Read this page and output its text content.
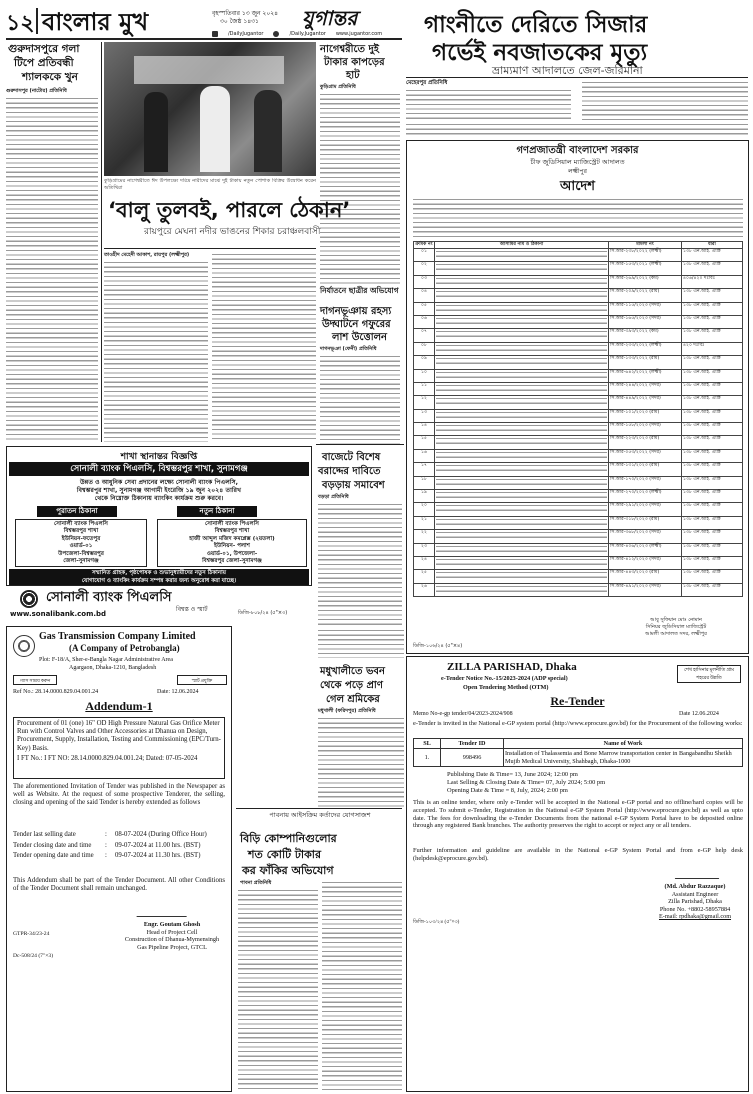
১২ বাংলার মুখ	বৃহস্পতিবার ১৩ জুন ২০২৪
৩০ জৈষ্ঠ ১৪৩১ যুগান্তর
/DailyJugantor	/Daily.Jugantor www.jugantor.com গাংনীতে দেরিতে সিজার
গর্ভেই নবজাতকের মৃত্যু
ভ্রাম্যমাণ আদালতে জেল-জরিমানা
মেহেরপুর প্রতিনিধি
গুরুদাসপুরে গলা
টিপে প্রতিবন্ধী
শ্যালককে খুন
গুরুদাসপুর (নাটোর) প্রতিনিধি
কুড়িগ্রামের নাগেশ্বরীতে ঈদ উপলক্ষ্যে দরিদ্র নারীদের মাঝে দুই টাকায় নতুন পোশাক বিক্রির উদ্বোধন করেন অতিথিরা
নাগেশ্বরীতে দুই
টাকার কাপড়ের
হাট
কুড়িগ্রাম প্রতিনিধি
‘বালু তুলবই, পারলে ঠেকান’
রায়পুরে মেঘনা নদীর ভাঙনের শিকার চরাঞ্চলবাসী
তাওহীদ মেহেদী আকাশ, রায়পুর (লক্ষ্মীপুর)
নির্যাতনে ছাত্রীর অভিযোগ
দাগনভূঞায় রহস্য
উদ্ঘাটনে গফুরের
লাশ উত্তোলন
দাগনভূঞা (ফেনী) প্রতিনিধি
গণপ্রজাতন্ত্রী বাংলাদেশ সরকার
চীফ জুডিসিয়াল ম্যাজিস্ট্রেট আদালত
লক্ষ্মীপুর
আদেশ
ক্রমিক নং	আসামির নাম ও ঠিকানা	মামলা নং	ধারা
০১		সি.আর-২৩৮/২০২২ (লক্ষ্মী)	১৩৮ এন.আই. এ্যাক্ট
০২		সি.আর-১৫৩/২০২১ (লক্ষ্মী)	১৩৮ এন.আই. এ্যাক্ট
০৩		সি.আর-২৬৯/২০২২ (কম)	৪০৬/৪২০ দঃবিঃ
০৪		সি.আর-২০৯/২০২২ (রায়)	১৩৮ এন.আই. এ্যাক্ট
০৫		সি.আর-১১৫/২০২৩ (সদর)	১৩৮ এন.আই. এ্যাক্ট
০৬		সি.আর-১৬৫/২০২৩ (সদর)	১৩৮ এন.আই. এ্যাক্ট
০৭		সি.আর-৩৯৩/২০২২ (কম)	১৩৮ এন.আই. এ্যাক্ট
০৮		সি.আর-২৩৩/২০২২ (লক্ষ্মী)	৪২০ দঃবিঃ
০৯		সি.আর-১৩৩/২০২২ (রাম)	১৩৮ এন.আই. এ্যাক্ট
১০		সি.আর-৬৪২/২০২২ (লক্ষ্মী)	১৩৮ এন.আই. এ্যাক্ট
১১		সি.আর-২৪৪/২০২২ (সদর)	১৩৮ এন.আই. এ্যাক্ট
১২		সি.আর-৪৪৯/২০২২ (সদর)	১৩৮ এন.আই. এ্যাক্ট
১৩		সি.আর-১০১/২০২৩ (রাম)	১৩৮ এন.আই. এ্যাক্ট
১৪		সি.আর-১৫৮/২০২৩ (সদর)	১৩৮ এন.আই. এ্যাক্ট
১৫		সি.আর-২২৩/২০২৩ (রাম)	১৩৮ এন.আই. এ্যাক্ট
১৬		সি.আর-০৫৩/২০২২ (সদর)	১৩৮ এন.আই. এ্যাক্ট
১৭		সি.আর-১৩১/২০২৩ (রাম)	১৩৮ এন.আই. এ্যাক্ট
১৮		সি.আর-১৭০/২০২৩ (সদর)	১৩৮ এন.আই. এ্যাক্ট
১৯		সি.আর-২৭০/২০২৩ (লক্ষ্মী)	১৩৮ এন.আই. এ্যাক্ট
২০		সি.আর-২৯১/২০২৩ (সদর)	১৩৮ এন.আই. এ্যাক্ট
২১		সি.আর-৩১৮/২০২৩ (রাম)	১৩৮ এন.আই. এ্যাক্ট
২২		সি.আর-৩৬৮/২০২৩ (সদর)	১৩৮ এন.আই. এ্যাক্ট
২৩		সি.আর-৪০৬/২০২৩ (লক্ষ্মী)	১৩৮ এন.আই. এ্যাক্ট
২৪		সি.আর-৪১২/২০২৩ (সদর)	১৩৮ এন.আই. এ্যাক্ট
২৫		সি.আর-৪৪৩/২০২৩ (রাম)	১৩৮ এন.আই. এ্যাক্ট
২৬		সি.আর-৪৯১/২০২৩ (সদর)	১৩৮ এন.আই. এ্যাক্ট
আবু সুফিয়ান মোঃ নোমান
সিনিয়র জুডিসিয়াল ম্যাজিস্ট্রেট
আমলী আদালত সদর, লক্ষ্মীপুর
ডিজি-১০৬/২৪ (৫"×৪)
বাজেটে বিশেষ
বরাদ্দের দাবিতে
বড়ড়ায় সমাবেশ
বড়ড়া প্রতিনিধি
মধুখালীতে ভবন
থেকে পড়ে প্রাণ
গেল শ্রমিকের
মধুখালী (ফরিদপুর) প্রতিনিধি
পাবনায় আইসক্রিম কর্তাদের যোগসাজশ
বিড়ি কোম্পানিগুলোর
শত কোটি টাকার
কর ফাঁকির অভিযোগ
পাবনা প্রতিনিধি
শাখা স্থানান্তর বিজ্ঞপ্তি
সোনালী ব্যাংক পিএলসি, বিশ্বম্ভরপুর শাখা, সুনামগঞ্জ
উন্নত ও আধুনিক সেবা প্রদানের লক্ষ্যে সোনালী ব্যাংক পিএলসি,
বিশ্বম্ভরপুর শাখা, সুনামগঞ্জ আগামী ইংরেজি ১৯ জুন ২০২৪ তারিখ
থেকে নিম্নোক্ত ঠিকানায় ব্যাংকিং কার্যক্রম শুরু করবে।
পুরাতন ঠিকানা	নতুন ঠিকানা
সোনালী ব্যাংক পিএলসি
বিশ্বম্ভরপুর শাখা
ইউনিয়ন-ফতেপুর
ওয়ার্ড-০১
উপজেলা-বিশ্বম্ভরপুর
জেলা-সুনামগঞ্জ
সোনালী ব্যাংক পিএলসি
বিশ্বম্ভরপুর শাখা
হাজী আব্দুল মজিদ কমপ্লেক্স (২য়তলা)
ইউনিয়ন- পলাশ
ওয়ার্ড-০১, উপজেলা-
বিশ্বম্ভরপুর জেলা-সুনামগঞ্জ
সম্মানিত গ্রাহক, পৃষ্ঠপোষক ও শুভানুধ্যায়ীদের নতুন ঠিকানায়
যোগাযোগ ও ব্যাংকিং কার্যক্রম সম্পন্ন করার জন্য অনুরোধ করা যাচ্ছে।
সোনালী ব্যাংক পিএলসি
বিশ্বস্ত ও স্মার্ট
www.sonalibank.com.bd	ডিজি-৮০৮/২৪ (৫"×৩)
Gas Transmission Company Limited
(A Company of Petrobangla)
Plot: F-18/A, Sher-e-Bangla Nagar Administrative Area
Agargaon, Dhaka-1210, Bangladesh
গ্যাস সাশ্রয় করুন	স্মার্ট প্রযুক্তি
Ref No.: 28.14.0000.829.04.001.24	Date: 12.06.2024
Addendum-1
Procurement of 01 (one) 16" OD High Pressure Natural Gas Orifice Meter Run with Control Valves and Other Accessories at Dhanua on Design, Procurement, Supply, Installation, Testing and Commissioning (EPC/Turn-Key) Basis.
I FT No.: I FT NO: 28.14.0000.829.04.001.24; Dated: 07-05-2024
The aforementioned Invitation of Tender was published in the Newspaper as well as Website. At the request of some prospective Tenderer, the selling, closing and opening of the said Tender is hereby extended as follows
Tender last selling date	:	08-07-2024 (During Office Hour)
Tender closing date and time	:	09-07-2024 at 11.00 hrs. (BST)
Tender opening date and time	:	09-07-2024 at 11.30 hrs. (BST)
This Addendum shall be part of the Tender Document. All other Conditions of the Tender Document shall remain unchanged.
Engr. Goutam Ghosh
Head of Project Cell
Construction of Dhanua-Mymensingh
Gas Pipeline Project, GTCL
GTPR-34/23-24
Dc-508/24 (7"×3)
ZILLA PARISHAD, Dhaka
e-Tender Notice No.-15/2023-2024 (ADP special)
Open Tendering Method (OTM)
শেখ হাসিনার মূলনীতি গ্রাম শহরের উন্নতি
Re-Tender
Memo No-e-gp tender/04/2023-2024/908	Date 12.06.2024
e-Tender is invited in the National e-GP system portal (http://www.eprocure.gov.bd) for the Procurement of the following works:
SL	Tender ID	Name of Work
1.	998496	Installation of Thalassemia and Bone Marrow transportation center in Bangabandhu Sheikh Mujib Medical University, Shahbagh, Dhaka-1000
Publishing Date & Time= 13, June 2024; 12:00 pm
Last Selling & Closing Date & Time= 07, July 2024; 5:00 pm
Opening Date & Time = 8, July, 2024; 2:00 pm
This is an online tender, where only e-Tender will be accepted in the National e-GP portal and no offline/hard copies will be accepted. To submit e-Tender, Registration in the National e-GP System Portal (http://www.eprocure.gov.bd) as well as upto date. The fees for downloading the e-Tender Documents from the national e-GP System Portal have to be deposited online through any registered Bank branches. The authority preserves the right to accept or reject any or all tenders.
Further information and guideline are available in the National e-GP System Portal and from e-GP help desk (helpdesk@eprocure.gov.bd).
(Md. Abdur Razzaque)
Assistant Engineer
Zilla Parishad, Dhaka
Phone No. +8802-58957884
E-mail: rpdhaka@gmail.com
ডিজি-১০৩/২৪ (৫"×৩)
